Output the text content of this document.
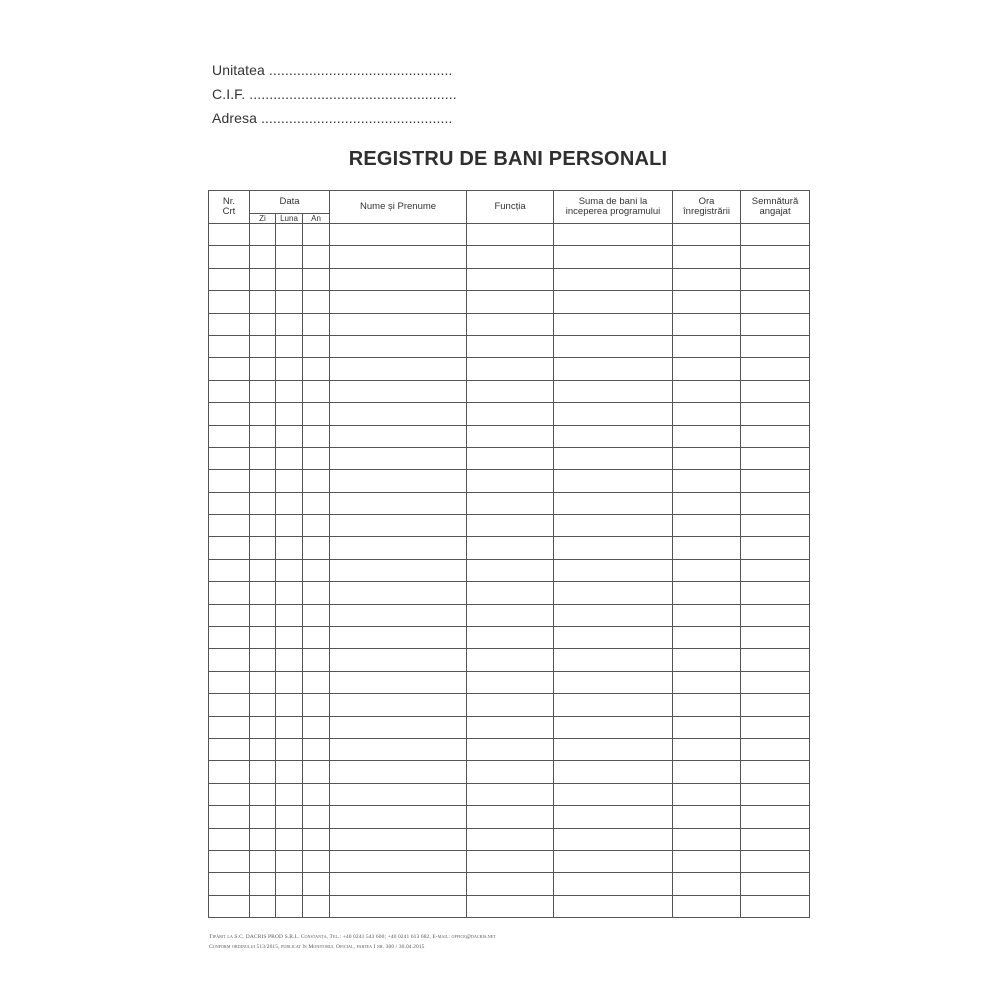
Unitatea ..............................................
C.I.F. ....................................................
Adresa ................................................
REGISTRU DE BANI PERSONALI
Nr. Crt	Data			Nume și Prenume	Funcția	Suma de bani la inceperea programului	Ora înregistrării	Semnătură angajat
	Zi	Luna	An					

Tipărit la S.C. DACRIS PROD S.R.L. Constanța, Tel.: +40 0241 543 600; +40 0241 613 682, E-mail: office@dacris.net
Conform ordinului 513/2015, publicat în Monitorul Oficial, partea I nr. 300 / 30.04.2015
